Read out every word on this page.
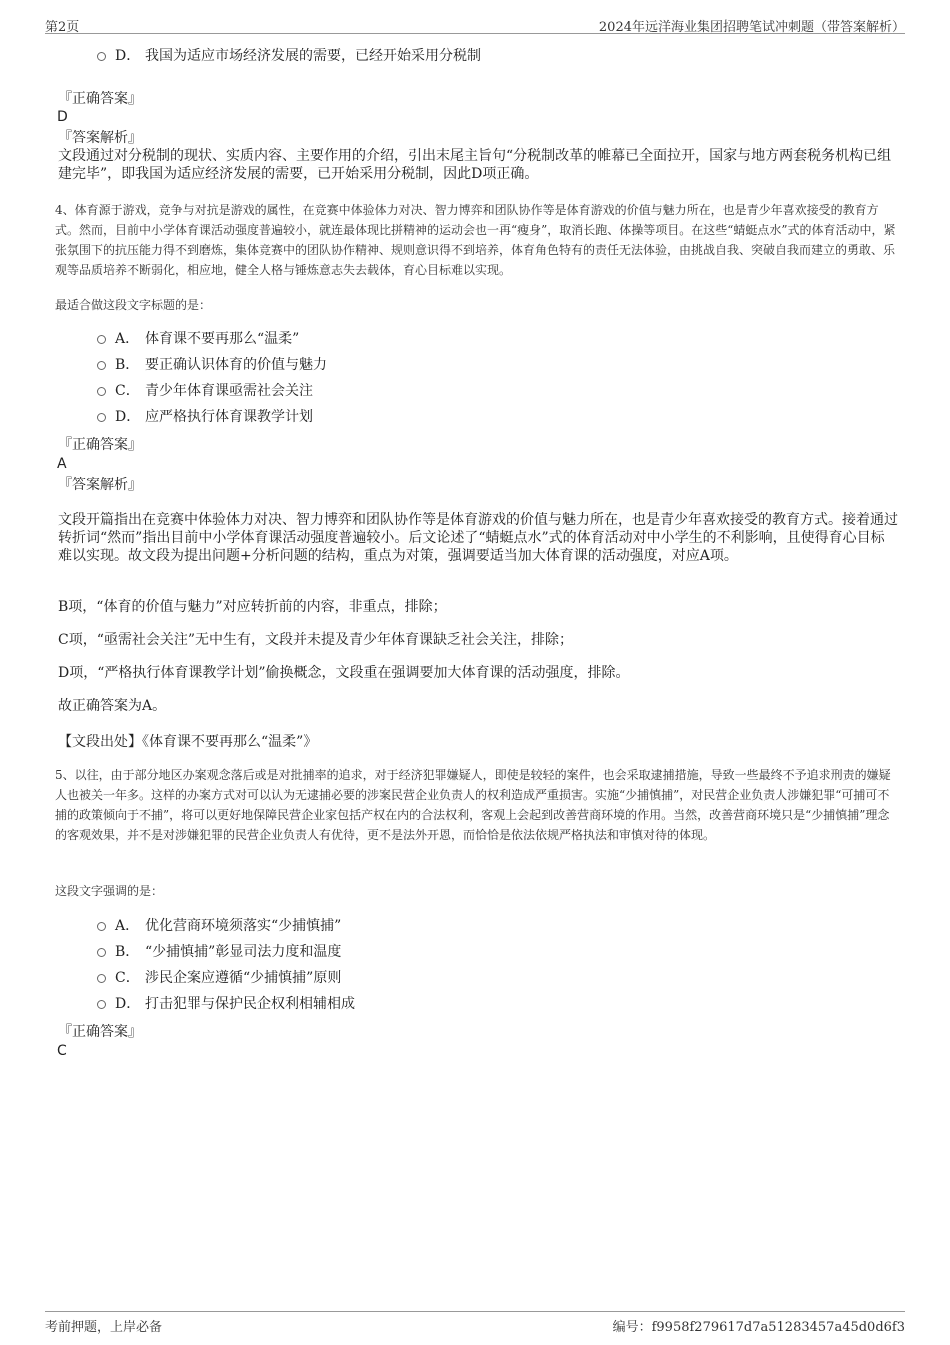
第2页	2024年远洋海业集团招聘笔试冲刺题（带答案解析）
D． 我国为适应市场经济发展的需要，已经开始采用分税制
『正确答案』
D
『答案解析』
文段通过对分税制的现状、实质内容、主要作用的介绍，引出末尾主旨句“分税制改革的帷幕已全面拉开，国家与地方两套税务机构已组建完毕”，即我国为适应经济发展的需要，已开始采用分税制，因此D项正确。
4、体育源于游戏，竞争与对抗是游戏的属性，在竞赛中体验体力对决、智力博弈和团队协作等是体育游戏的价值与魅力所在，也是青少年喜欢接受的教育方式。然而，目前中小学体育课活动强度普遍较小，就连最体现比拼精神的运动会也一再“瘦身”，取消长跑、体操等项目。在这些“蜻蜓点水”式的体育活动中，紧张氛围下的抗压能力得不到磨炼，集体竞赛中的团队协作精神、规则意识得不到培养，体育角色特有的责任无法体验，由挑战自我、突破自我而建立的勇敢、乐观等品质培养不断弱化，相应地，健全人格与锤炼意志失去载体，育心目标难以实现。
最适合做这段文字标题的是：
A． 体育课不要再那么“温柔”
B． 要正确认识体育的价值与魅力
C． 青少年体育课亟需社会关注
D． 应严格执行体育课教学计划
『正确答案』
A
『答案解析』
文段开篇指出在竞赛中体验体力对决、智力博弈和团队协作等是体育游戏的价值与魅力所在，也是青少年喜欢接受的教育方式。接着通过转折词“然而”指出目前中小学体育课活动强度普遍较小。后文论述了“蜻蜓点水”式的体育活动对中小学生的不利影响，且使得育心目标难以实现。故文段为提出问题+分析问题的结构，重点为对策，强调要适当加大体育课的活动强度，对应A项。
B项，“体育的价值与魅力”对应转折前的内容，非重点，排除；
C项，“亟需社会关注”无中生有，文段并未提及青少年体育课缺乏社会关注，排除；
D项，“严格执行体育课教学计划”偷换概念，文段重在强调要加大体育课的活动强度，排除。
故正确答案为A。
【文段出处】《体育课不要再那么“温柔”》
5、以往，由于部分地区办案观念落后或是对批捕率的追求，对于经济犯罪嫌疑人，即使是较轻的案件，也会采取逮捕措施，导致一些最终不予追求刑责的嫌疑人也被关一年多。这样的办案方式对可以认为无逮捕必要的涉案民营企业负责人的权利造成严重损害。实施“少捕慎捕”，对民营企业负责人涉嫌犯罪“可捕可不捕的政策倾向于不捕”，将可以更好地保障民营企业家包括产权在内的合法权利，客观上会起到改善营商环境的作用。当然，改善营商环境只是“少捕慎捕”理念的客观效果，并不是对涉嫌犯罪的民营企业负责人有优待，更不是法外开恩，而恰恰是依法依规严格执法和审慎对待的体现。
这段文字强调的是：
A． 优化营商环境须落实“少捕慎捕”
B． “少捕慎捕”彰显司法力度和温度
C． 涉民企案应遵循“少捕慎捕”原则
D． 打击犯罪与保护民企权利相辅相成
『正确答案』
C
考前押题，上岸必备	编号：f9958f279617d7a51283457a45d0d6f3
